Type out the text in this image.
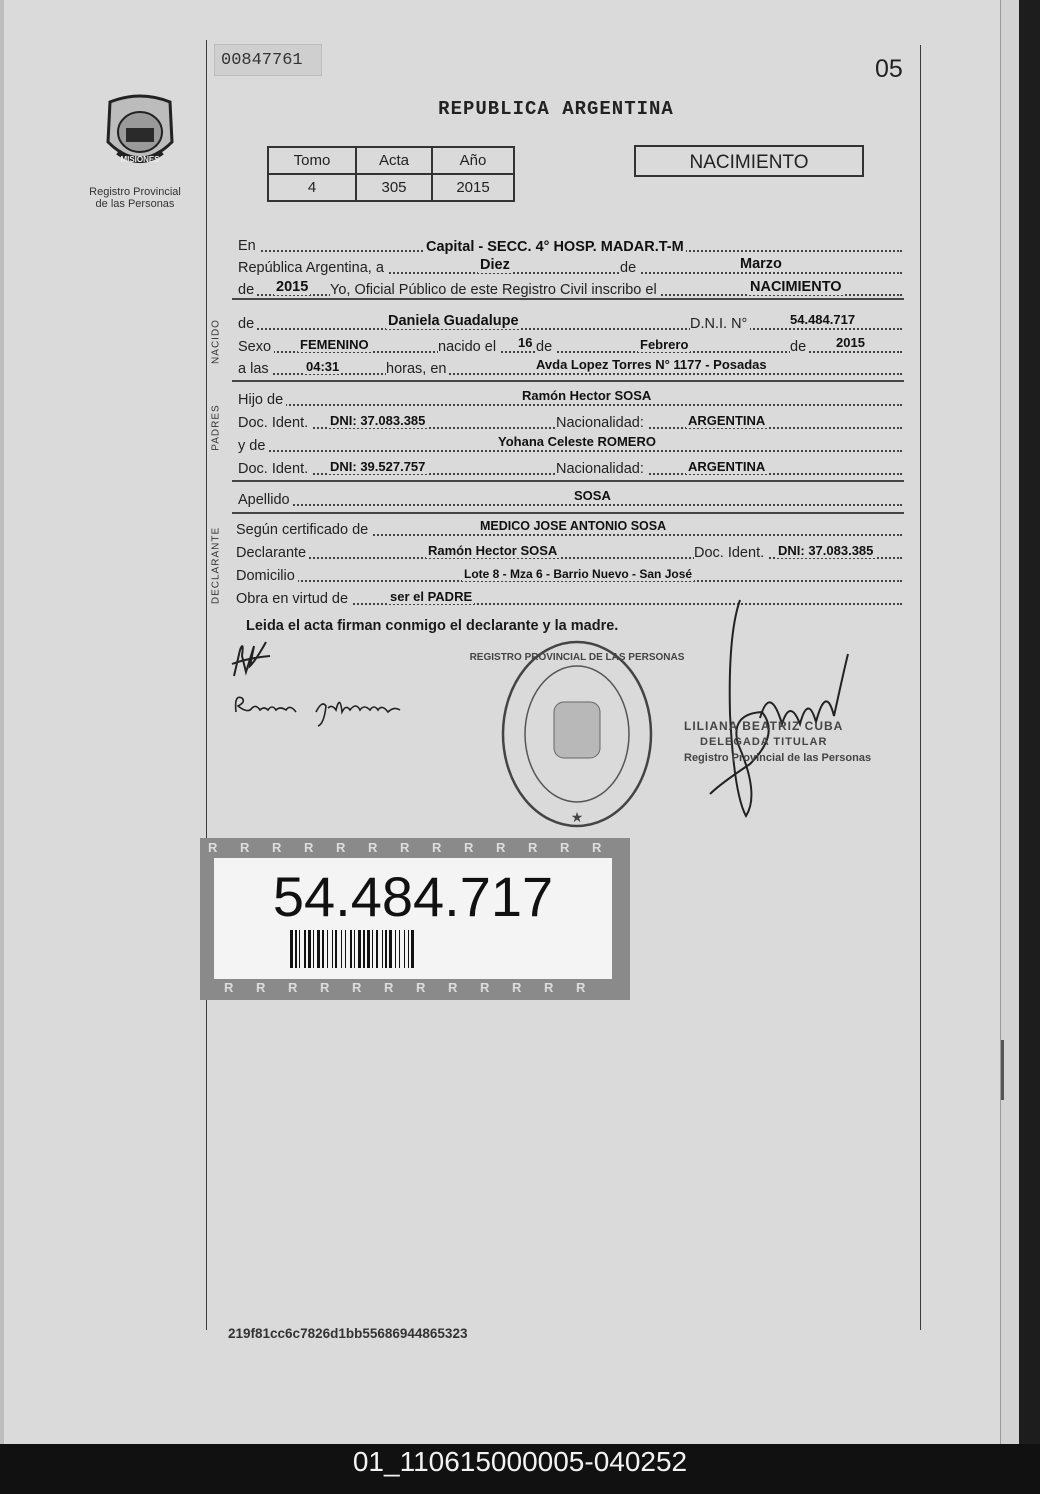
00847761	05
REPUBLICA ARGENTINA
MISIONES
Registro Provincial
de las Personas
Tomo	Acta	Año
4	305	2015
NACIMIENTO
En	Capital - SECC. 4° HOSP. MADAR.T-M
República Argentina, a	Diez	de	Marzo
de 2015 Yo, Oficial Público de este Registro Civil inscribo el	NACIMIENTO
NACIDO de	Daniela Guadalupe	D.N.I. N°	54.484.717
Sexo FEMENINO	nacido el 16 de	Febrero	de 2015
a las	04:31	horas, en	Avda Lopez Torres N° 1177 - Posadas
PADRES
Hijo de	Ramón Hector SOSA
Doc. Ident. DNI: 37.083.385	Nacionalidad:	ARGENTINA
y de	Yohana Celeste ROMERO
Doc. Ident. DNI: 39.527.757	Nacionalidad:	ARGENTINA
Apellido	SOSA
DECLARANTE Según certificado de	MEDICO JOSE ANTONIO SOSA
Declarante	Ramón Hector SOSA	Doc. Ident. DNI: 37.083.385
Domicilio	Lote 8 - Mza 6 - Barrio Nuevo - San José
Obra en virtud de	ser el PADRE
Leida el acta firman conmigo el declarante y la madre.
REGISTRO PROVINCIAL DE LAS PERSONAS
★
LILIANA BEATRIZ CUBA
DELEGADA TITULAR
Registro Provincial de las Personas
R R R R R R R R R R R R R
R R R R R R R R R R R R
54.484.717
219f81cc6c7826d1bb55686944865323
01_110615000005-040252
